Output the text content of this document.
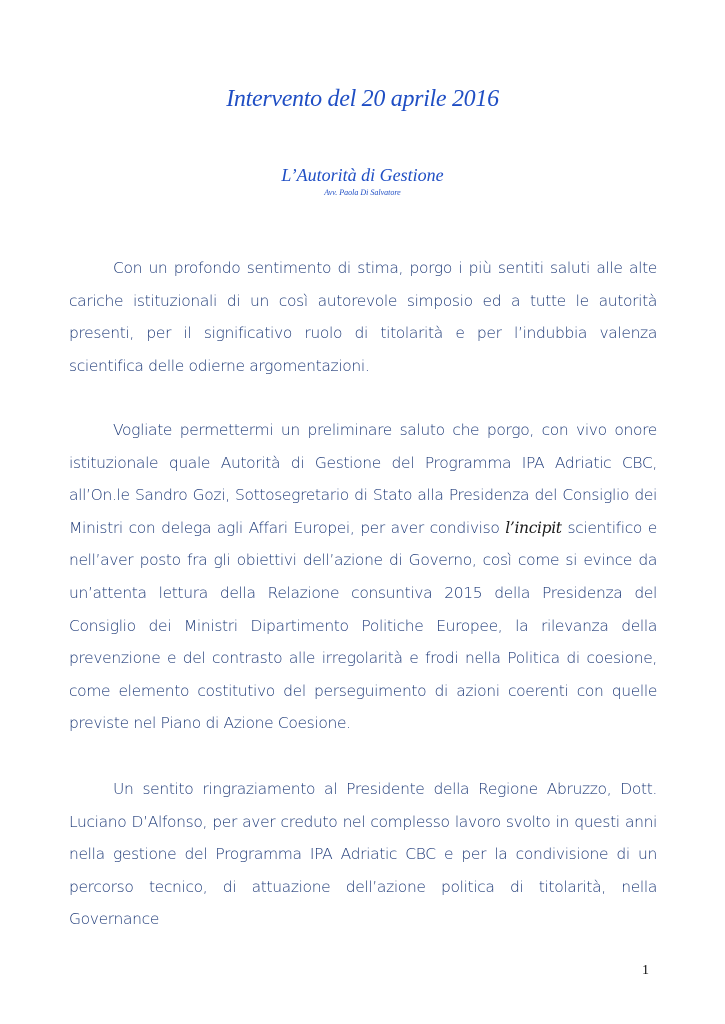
Intervento del 20 aprile 2016
L’Autorità di Gestione
Avv. Paola Di Salvatore

Con un profondo sentimento di stima, porgo i più sentiti saluti alle alte cariche istituzionali di un così autorevole simposio ed a tutte le autorità presenti, per il significativo ruolo di titolarità e per l’indubbia valenza scientifica delle odierne argomentazioni.

Vogliate permettermi un preliminare saluto che porgo, con vivo onore istituzionale quale Autorità di Gestione del Programma IPA Adriatic CBC, all’On.le Sandro Gozi, Sottosegretario di Stato alla Presidenza del Consiglio dei Ministri con delega agli Affari Europei, per aver condiviso l’incipit scientifico e nell’aver posto fra gli obiettivi dell’azione di Governo, così come si evince da un’attenta lettura della Relazione consuntiva 2015 della Presidenza del Consiglio dei Ministri Dipartimento Politiche Europee, la rilevanza della prevenzione e del contrasto alle irregolarità e frodi nella Politica di coesione, come elemento costitutivo del perseguimento di azioni coerenti con quelle previste nel Piano di Azione Coesione.

Un sentito ringraziamento al Presidente della Regione Abruzzo, Dott. Luciano D’Alfonso, per aver creduto nel complesso lavoro svolto in questi anni nella gestione del Programma IPA Adriatic CBC e per la condivisione di un percorso tecnico, di attuazione dell’azione politica di titolarità, nella Governance

1
